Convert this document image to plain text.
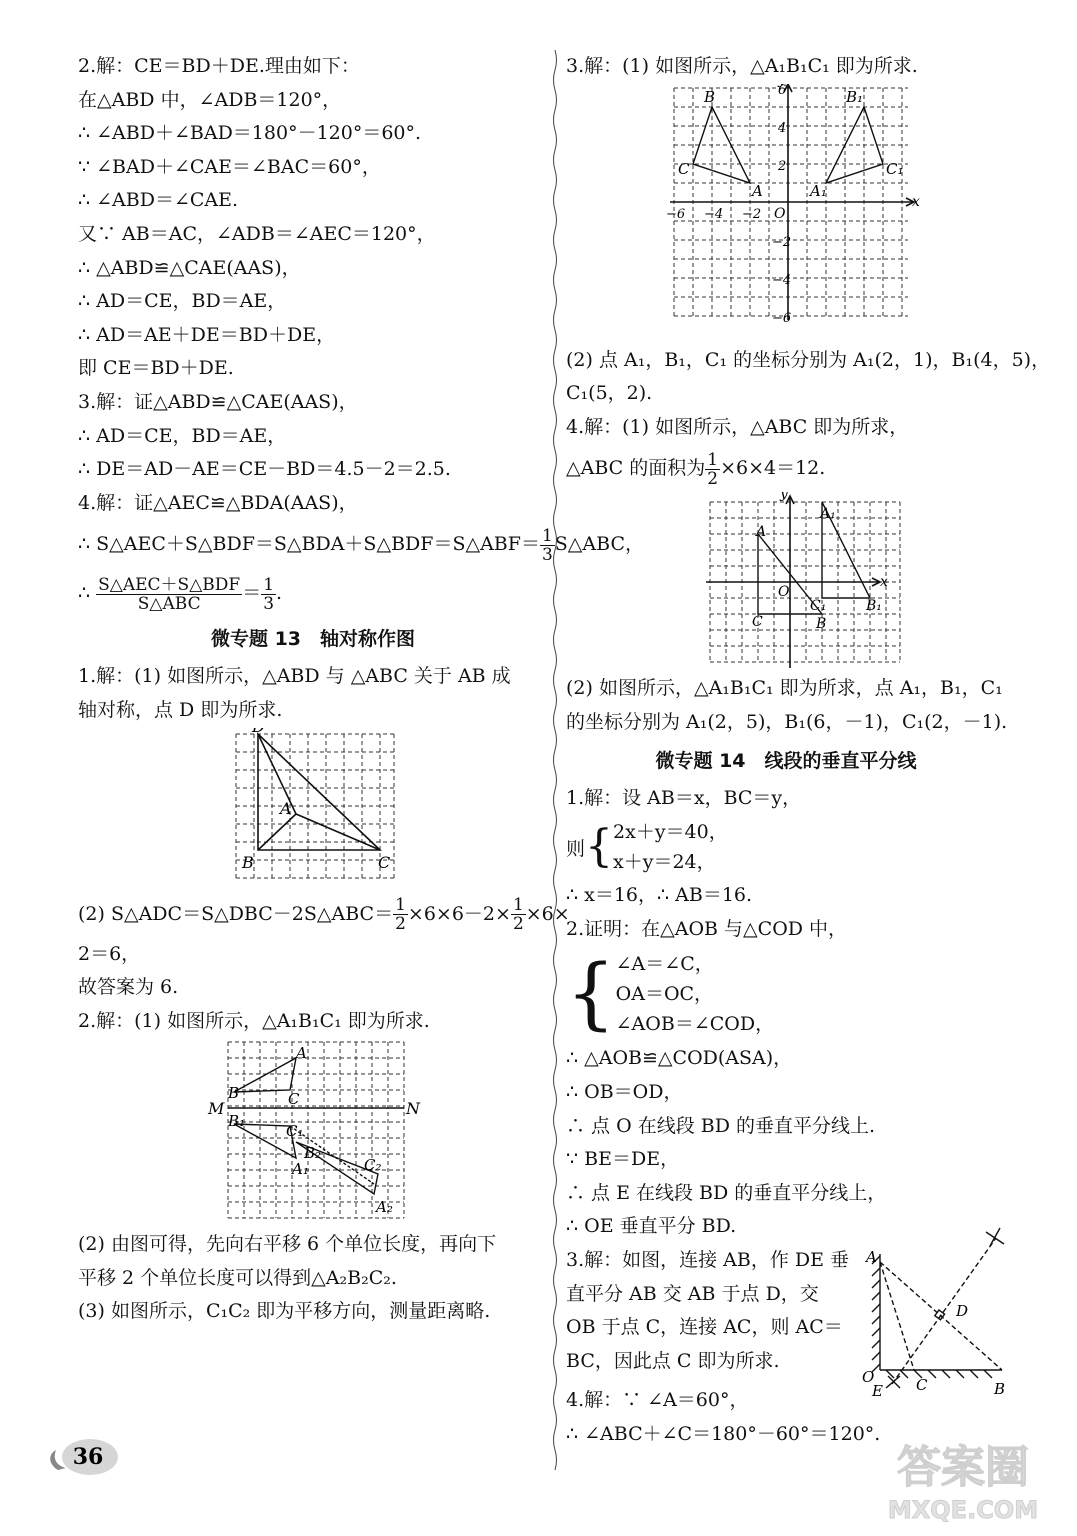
2.解：CE＝BD＋DE.理由如下：
在△ABD 中，∠ADB＝120°，
∴ ∠ABD＋∠BAD＝180°－120°＝60°.
∵ ∠BAD＋∠CAE＝∠BAC＝60°，
∴ ∠ABD＝∠CAE.
又∵ AB＝AC，∠ADB＝∠AEC＝120°，
∴ △ABD≌△CAE(AAS)，
∴ AD＝CE，BD＝AE，
∴ AD＝AE＋DE＝BD＋DE，
即 CE＝BD＋DE.
3.解：证△ABD≌△CAE(AAS)，
∴ AD＝CE，BD＝AE，
∴ DE＝AD－AE＝CE－BD＝4.5－2＝2.5.
4.解：证△AEC≌△BDA(AAS)，
∴ S△AEC＋S△BDF＝S△BDA＋S△BDF＝S△ABF＝ $\frac{1}{3}$ S△ABC，
∴ $\frac{\text{S△AEC＋S△BDF}}{\text{S△ABC}} = \frac{1}{3}$ .
微专题 13　轴对称作图
1.解：(1) 如图所示，△ABD 与 △ABC 关于 AB 成
轴对称，点 D 即为所求.
A
B	C
(2) S△ADC＝S△DBC－2S△ABC＝ $\frac{1}{2} \times 6\times 6-2\times \frac{1}{2} \times 6\times$
2＝6，
故答案为 6.
2.解：(1) 如图所示，△A₁B₁C₁ 即为所求.
M	N
B
A
C
B₁
C₁
A₁
B₂
C₂
A₂
(2) 由图可得，先向右平移 6 个单位长度，再向下
平移 2 个单位长度可以得到△A₂B₂C₂.
(3) 如图所示，C₁C₂ 即为平移方向，测量距离略.
3.解：(1) 如图所示，△A₁B₁C₁ 即为所求.
x
O
6
4
2
−6 −4 −2
−2
−4
−6
B
C
A
B₁
C₁
A₁
(2) 点 A₁，B₁，C₁ 的坐标分别为 A₁(2，1)，B₁(4，5)，
C₁(5，2).
4.解：(1) 如图所示，△ABC 即为所求，
△ABC 的面积为 $\frac{1}{2} \times 6\times 4=12$.
y
x
O
A₁
C
A
B
B₁
C₁
(2) 如图所示，△A₁B₁C₁ 即为所求，点 A₁，B₁，C₁
的坐标分别为 A₁(2，5)，B₁(6，－1)，C₁(2，－1).
微专题 14　线段的垂直平分线
1.解：设 AB＝x，BC＝y，
则 { 2x＋y＝40，
x＋y＝24，
∴ x＝16，∴ AB＝16.
2.证明：在△AOB 与△COD 中，
{ ∠A＝∠C，
OA＝OC，
∠AOB＝∠COD，
∴ △AOB≌△COD(ASA)，
∴ OB＝OD，
∴ 点 O 在线段 BD 的垂直平分线上.
∵ BE＝DE，
∴ 点 E 在线段 BD 的垂直平分线上，
∴ OE 垂直平分 BD.
3.解：如图，连接 AB，作 DE 垂
直平分 AB 交 AB 于点 D，交
OB 于点 C，连接 AC，则 AC＝
BC，因此点 C 即为所求.
A
O
E C	B
D
4.解：∵ ∠A＝60°，
∴ ∠ABC＋∠C＝180°－60°＝120°.
36	答案圈
MXQE.COM
